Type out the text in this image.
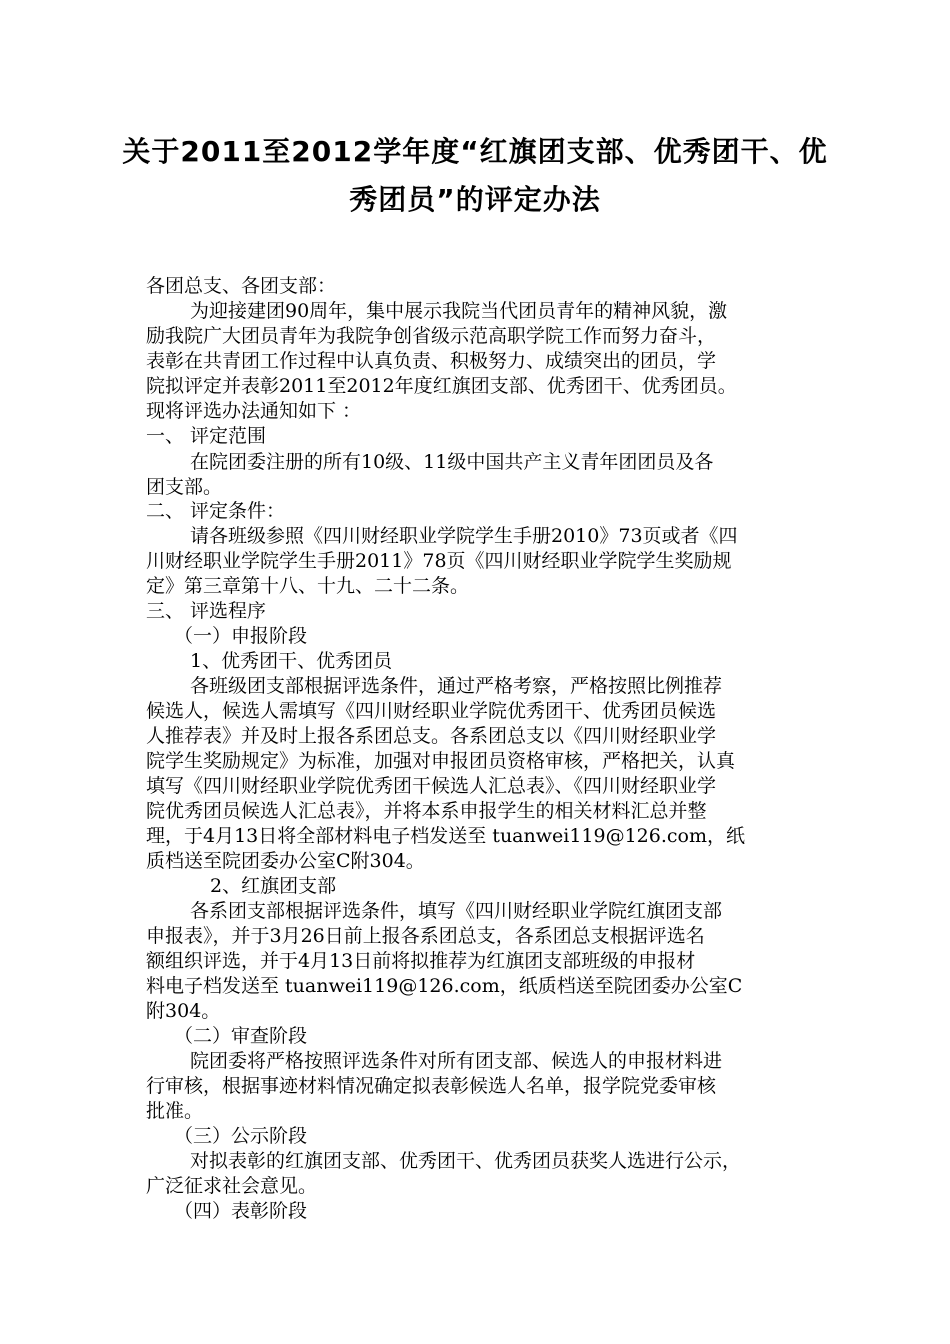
关于2011至2012学年度“红旗团支部、优秀团干、优
秀团员”的评定办法
各团总支、各团支部：
为迎接建团90周年，集中展示我院当代团员青年的精神风貌，激
励我院广大团员青年为我院争创省级示范高职学院工作而努力奋斗，
表彰在共青团工作过程中认真负责、积极努力、成绩突出的团员，学
院拟评定并表彰2011至2012年度红旗团支部、优秀团干、优秀团员。
现将评选办法通知如下 ：
一、 评定范围
在院团委注册的所有10级、11级中国共产主义青年团团员及各
团支部。
二、 评定条件：
请各班级参照《四川财经职业学院学生手册2010》73页或者《四
川财经职业学院学生手册2011》78页《四川财经职业学院学生奖励规
定》第三章第十八、十九、二十二条。
三、 评选程序
（一）申报阶段
1、优秀团干、优秀团员
各班级团支部根据评选条件，通过严格考察，严格按照比例推荐
候选人，候选人需填写《四川财经职业学院优秀团干、优秀团员候选
人推荐表》并及时上报各系团总支。各系团总支以《四川财经职业学
院学生奖励规定》为标准，加强对申报团员资格审核，严格把关，认真
填写《四川财经职业学院优秀团干候选人汇总表》、《四川财经职业学
院优秀团员候选人汇总表》，并将本系申报学生的相关材料汇总并整
理，于4月13日将全部材料电子档发送至 tuanwei119@126.com，纸
质档送至院团委办公室C附304。
2、红旗团支部
各系团支部根据评选条件，填写《四川财经职业学院红旗团支部
申报表》，并于3月26日前上报各系团总支，各系团总支根据评选名
额组织评选，并于4月13日前将拟推荐为红旗团支部班级的申报材
料电子档发送至 tuanwei119@126.com，纸质档送至院团委办公室C
附304。
（二）审查阶段
院团委将严格按照评选条件对所有团支部、候选人的申报材料进
行审核，根据事迹材料情况确定拟表彰候选人名单，报学院党委审核
批准。
（三）公示阶段
对拟表彰的红旗团支部、优秀团干、优秀团员获奖人选进行公示，
广泛征求社会意见。
（四）表彰阶段
